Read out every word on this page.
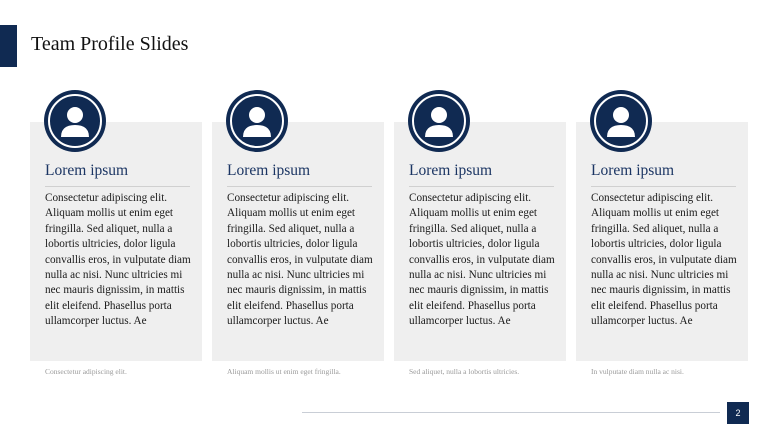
Team Profile Slides
Lorem ipsum
Consectetur adipiscing elit. Aliquam mollis ut enim eget fringilla. Sed aliquet, nulla a lobortis ultricies, dolor ligula convallis eros, in vulputate diam nulla ac nisi. Nunc ultricies mi nec mauris dignissim, in mattis elit eleifend. Phasellus porta ullamcorper luctus. Ae
Consectetur adipiscing elit.
Lorem ipsum
Consectetur adipiscing elit. Aliquam mollis ut enim eget fringilla. Sed aliquet, nulla a lobortis ultricies, dolor ligula convallis eros, in vulputate diam nulla ac nisi. Nunc ultricies mi nec mauris dignissim, in mattis elit eleifend. Phasellus porta ullamcorper luctus. Ae
Aliquam mollis ut enim eget fringilla.
Lorem ipsum
Consectetur adipiscing elit. Aliquam mollis ut enim eget fringilla. Sed aliquet, nulla a lobortis ultricies, dolor ligula convallis eros, in vulputate diam nulla ac nisi. Nunc ultricies mi nec mauris dignissim, in mattis elit eleifend. Phasellus porta ullamcorper luctus. Ae
Sed aliquet, nulla a lobortis ultricies.
Lorem ipsum
Consectetur adipiscing elit. Aliquam mollis ut enim eget fringilla. Sed aliquet, nulla a lobortis ultricies, dolor ligula convallis eros, in vulputate diam nulla ac nisi. Nunc ultricies mi nec mauris dignissim, in mattis elit eleifend. Phasellus porta ullamcorper luctus. Ae
In vulputate diam nulla ac nisi.
2
